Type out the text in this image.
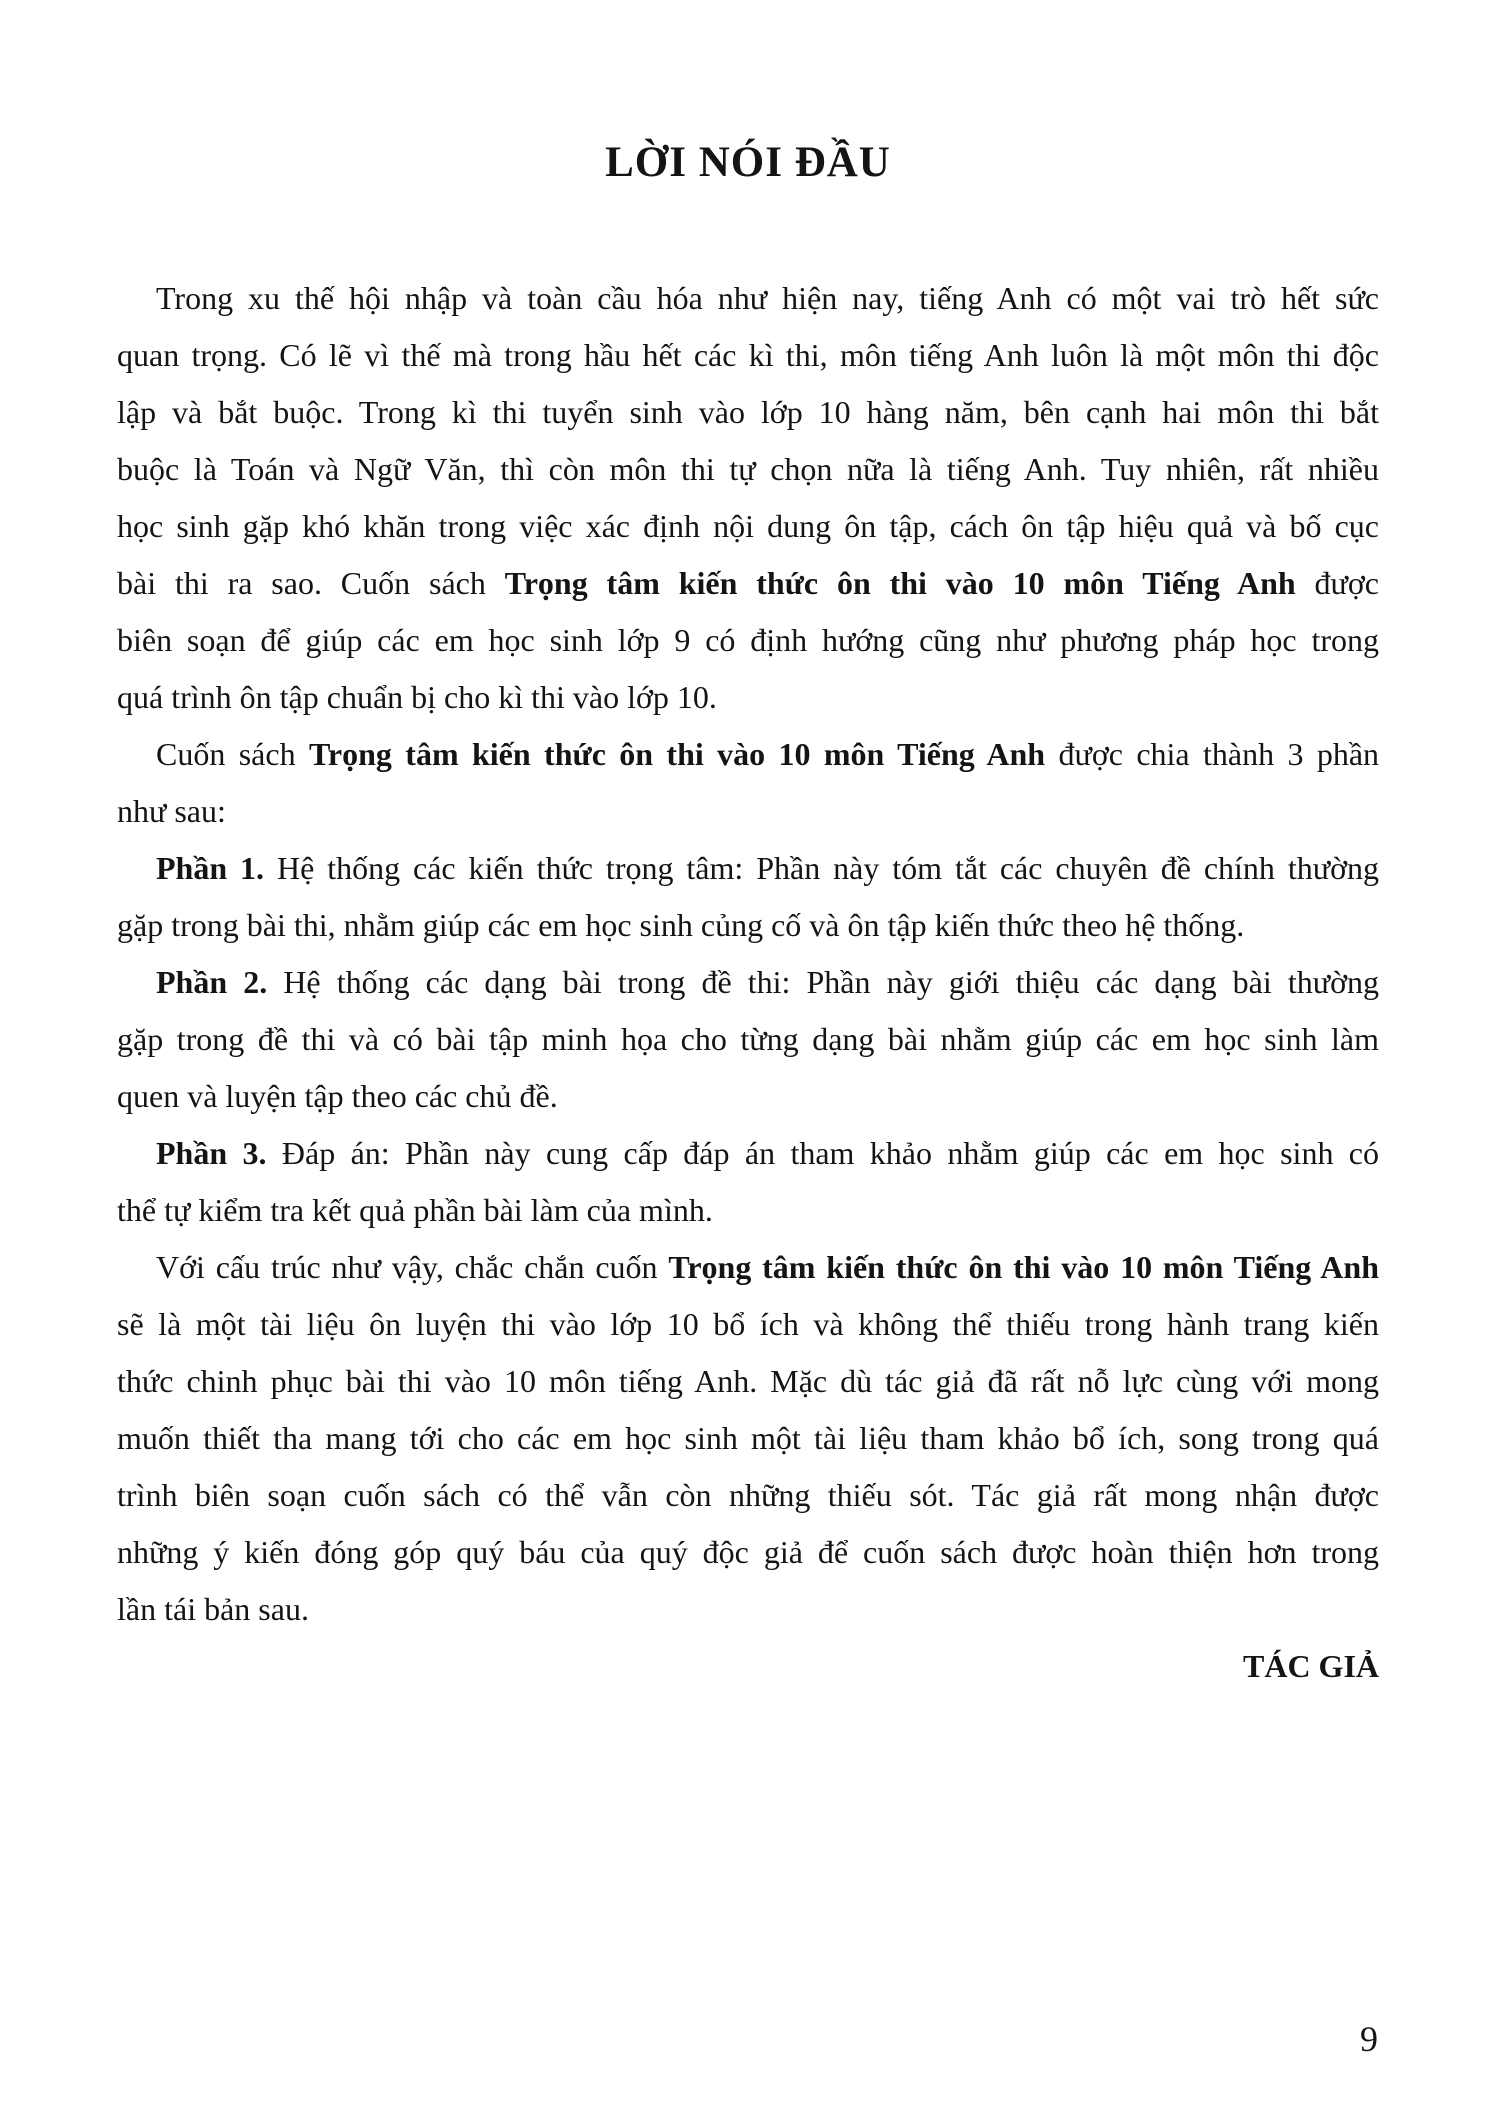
LỜI NÓI ĐẦU
Trong xu thế hội nhập và toàn cầu hóa như hiện nay, tiếng Anh có một vai trò hết sức
quan trọng. Có lẽ vì thế mà trong hầu hết các kì thi, môn tiếng Anh luôn là một môn thi độc
lập và bắt buộc. Trong kì thi tuyển sinh vào lớp 10 hàng năm, bên cạnh hai môn thi bắt
buộc là Toán và Ngữ Văn, thì còn môn thi tự chọn nữa là tiếng Anh. Tuy nhiên, rất nhiều
học sinh gặp khó khăn trong việc xác định nội dung ôn tập, cách ôn tập hiệu quả và bố cục
bài thi ra sao. Cuốn sách Trọng tâm kiến thức ôn thi vào 10 môn Tiếng Anh được
biên soạn để giúp các em học sinh lớp 9 có định hướng cũng như phương pháp học trong
quá trình ôn tập chuẩn bị cho kì thi vào lớp 10.
Cuốn sách Trọng tâm kiến thức ôn thi vào 10 môn Tiếng Anh được chia thành 3 phần
như sau:
Phần 1. Hệ thống các kiến thức trọng tâm: Phần này tóm tắt các chuyên đề chính thường
gặp trong bài thi, nhằm giúp các em học sinh củng cố và ôn tập kiến thức theo hệ thống.
Phần 2. Hệ thống các dạng bài trong đề thi: Phần này giới thiệu các dạng bài thường
gặp trong đề thi và có bài tập minh họa cho từng dạng bài nhằm giúp các em học sinh làm
quen và luyện tập theo các chủ đề.
Phần 3. Đáp án: Phần này cung cấp đáp án tham khảo nhằm giúp các em học sinh có
thể tự kiểm tra kết quả phần bài làm của mình.
Với cấu trúc như vậy, chắc chắn cuốn Trọng tâm kiến thức ôn thi vào 10 môn Tiếng Anh
sẽ là một tài liệu ôn luyện thi vào lớp 10 bổ ích và không thể thiếu trong hành trang kiến
thức chinh phục bài thi vào 10 môn tiếng Anh. Mặc dù tác giả đã rất nỗ lực cùng với mong
muốn thiết tha mang tới cho các em học sinh một tài liệu tham khảo bổ ích, song trong quá
trình biên soạn cuốn sách có thể vẫn còn những thiếu sót. Tác giả rất mong nhận được
những ý kiến đóng góp quý báu của quý độc giả để cuốn sách được hoàn thiện hơn trong
lần tái bản sau.
TÁC GIẢ
9
